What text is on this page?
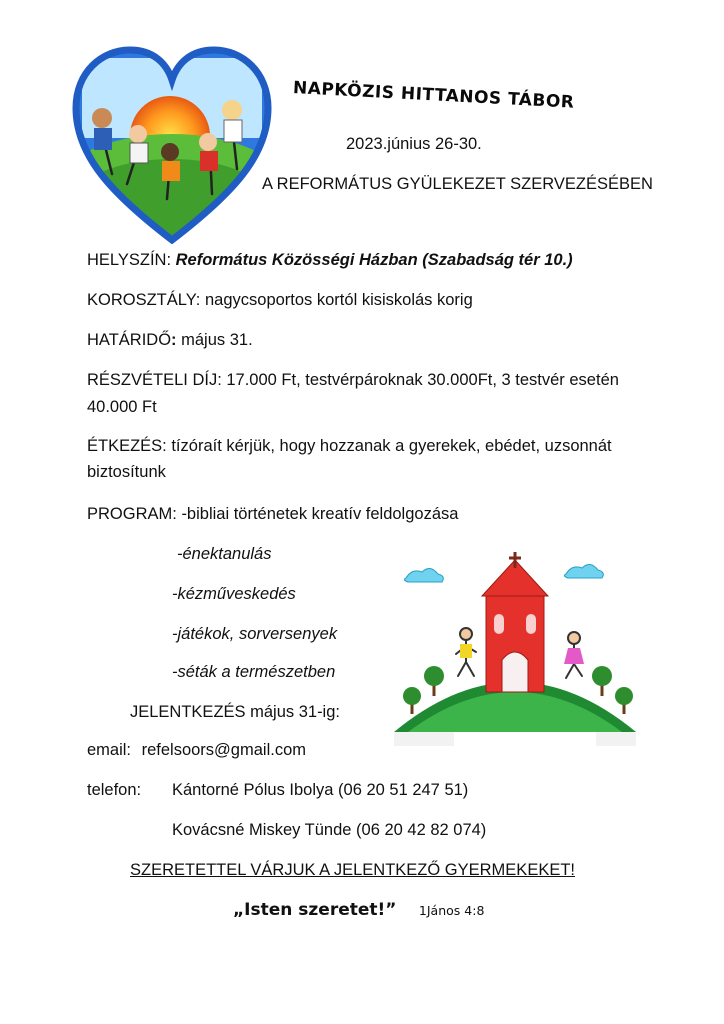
NAPKÖZIS HITTANOS TÁBOR
2023.június 26-30.
A REFORMÁTUS GYÜLEKEZET SZERVEZÉSÉBEN
HELYSZÍN: Református Közösségi Házban (Szabadság tér 10.)
KOROSZTÁLY: nagycsoportos kortól kisiskolás korig
HATÁRIDŐ: május 31.
RÉSZVÉTELI DÍJ: 17.000 Ft, testvérpároknak 30.000Ft, 3 testvér esetén
40.000 Ft
ÉTKEZÉS: tízóraít kérjük, hogy hozzanak a gyerekek, ebédet, uzsonnát
biztosítunk
PROGRAM: -bibliai történetek kreatív feldolgozása
-énektanulás
-kézműveskedés
-játékok, sorversenyek
-séták a természetben
JELENTKEZÉS május 31-ig:
email: refelsoors@gmail.com
telefon: Kántorné Pólus Ibolya (06 20 51 247 51)
Kovácsné Miskey Tünde (06 20 42 82 074)
SZERETETTEL VÁRJUK A JELENTKEZŐ GYERMEKEKET!
„Isten szeretet!” 1János 4:8
